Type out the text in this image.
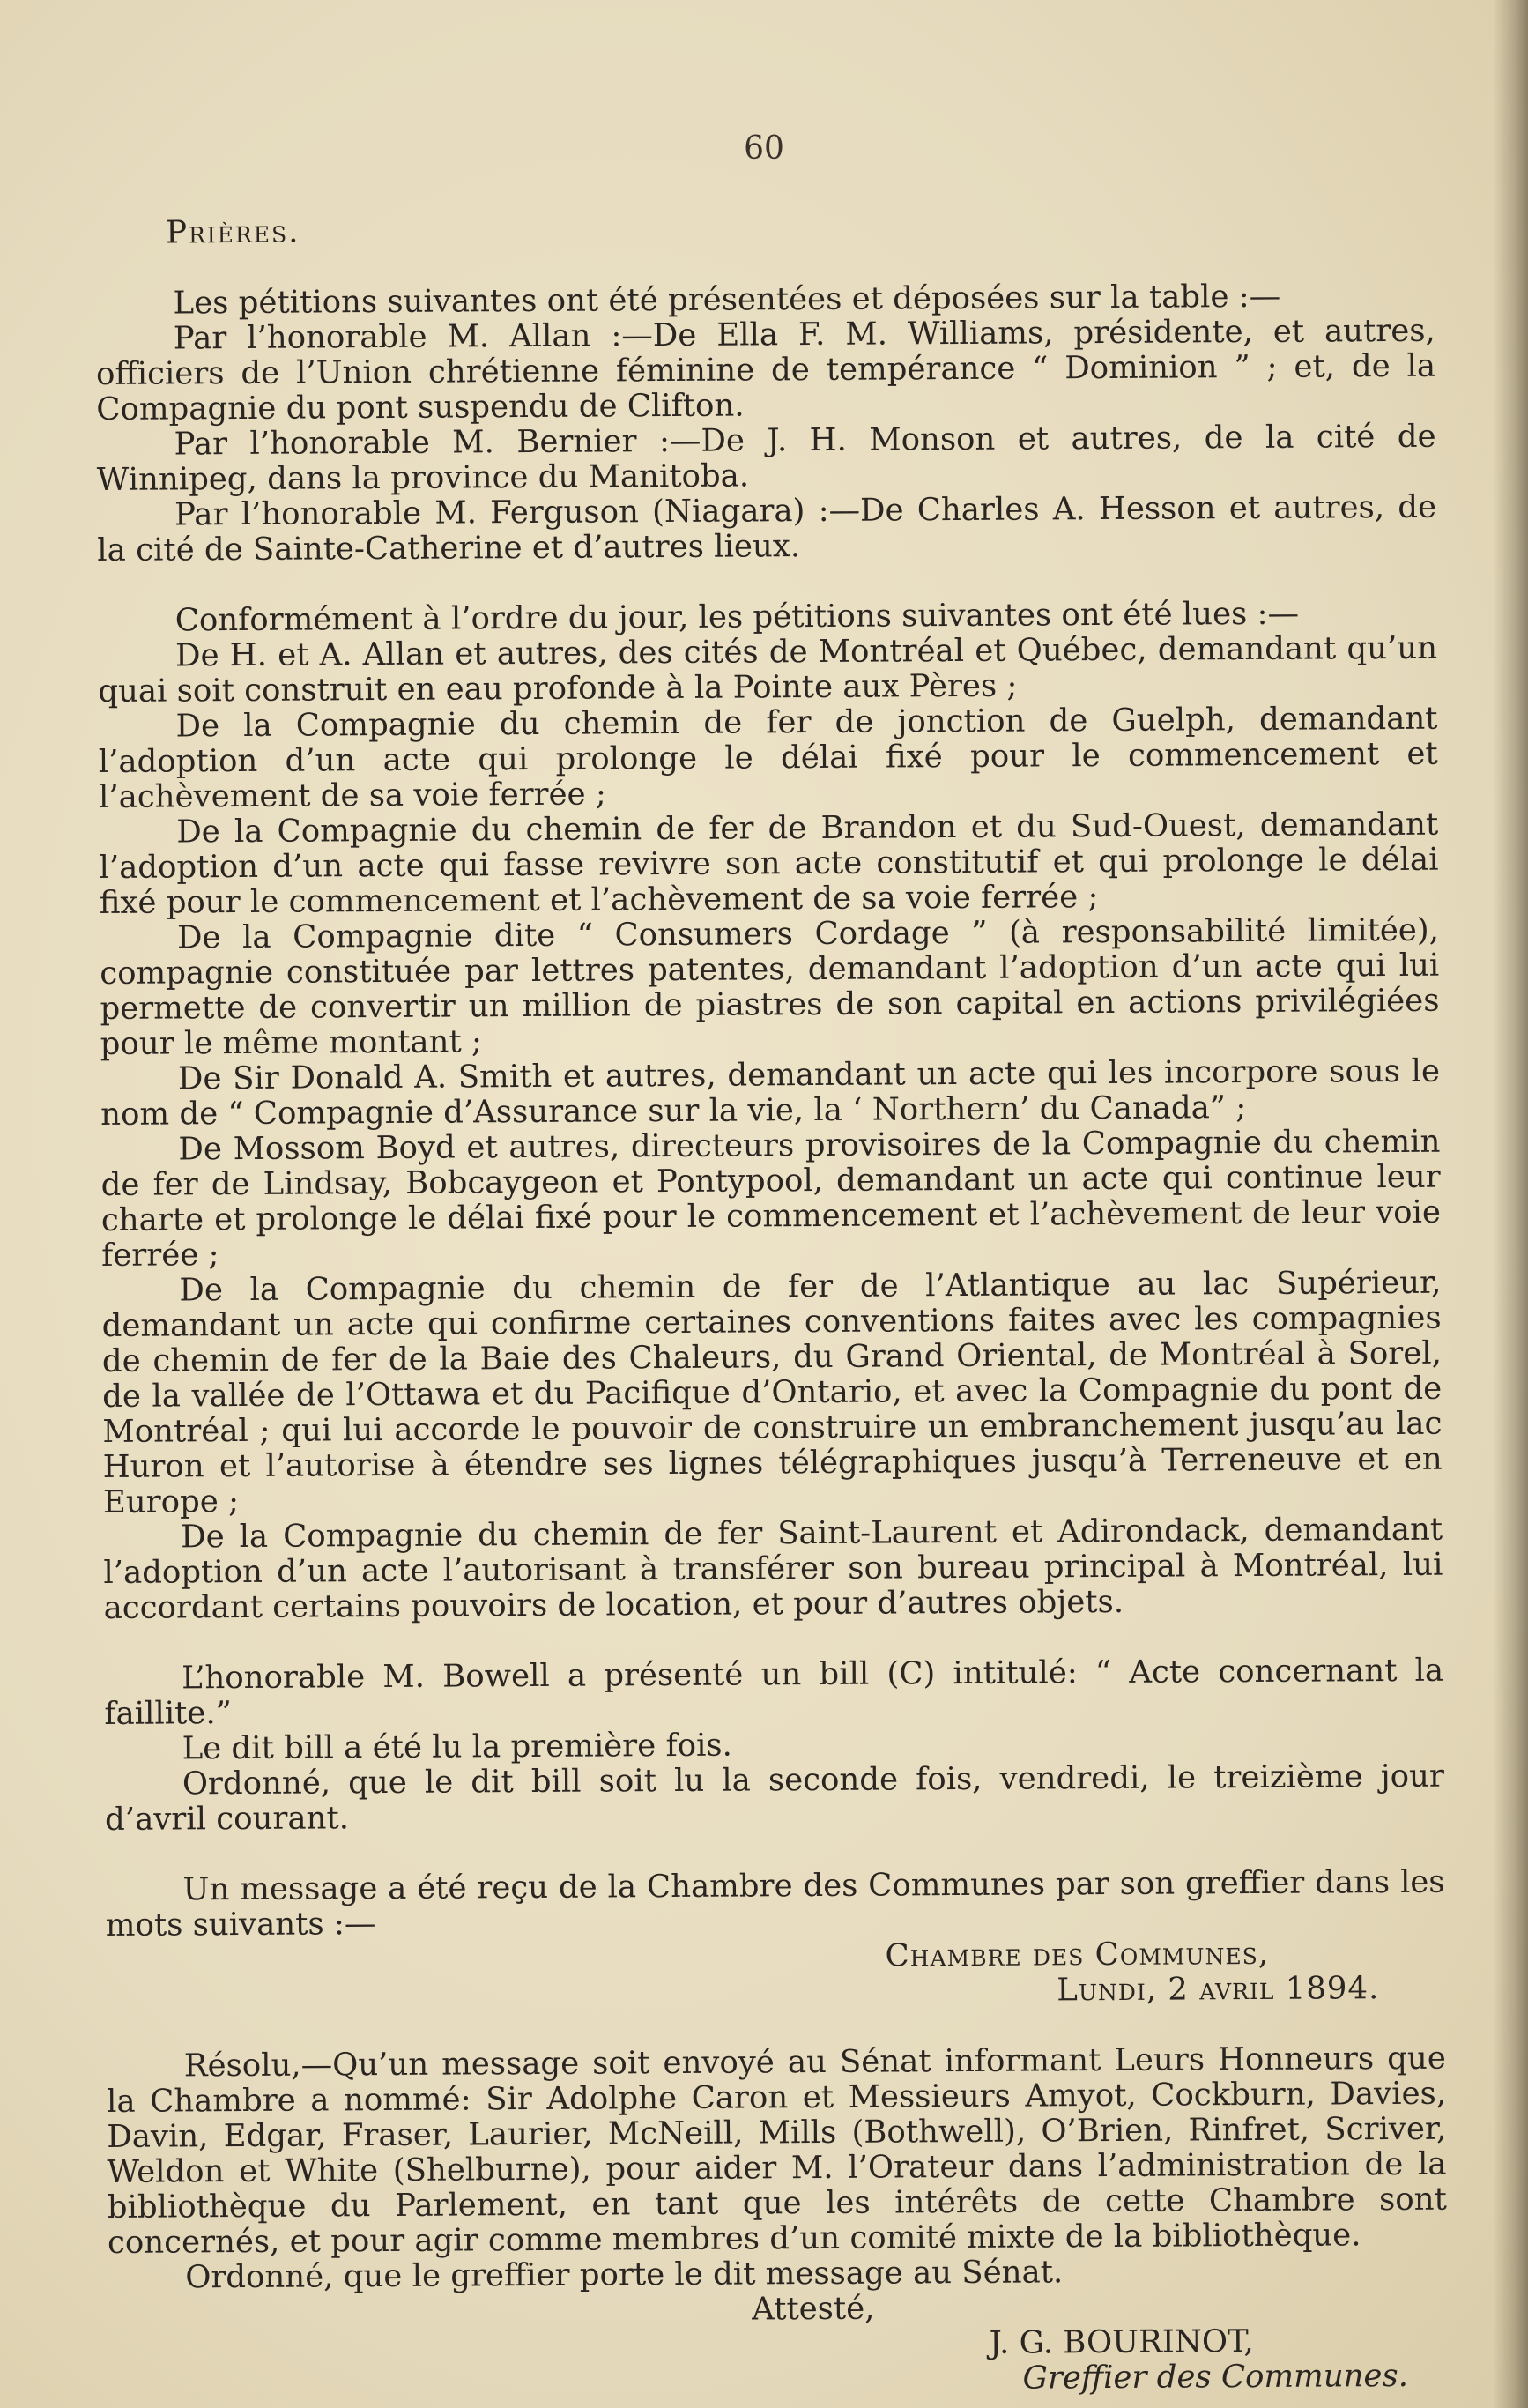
60
Prières.

Les pétitions suivantes ont été présentées et déposées sur la table :—

Par l’honorable M. Allan :—De Ella F. M. Williams, présidente, et autres, officiers de l’Union chrétienne féminine de tempérance “ Dominion ” ; et, de la Compagnie du pont suspendu de Clifton.

Par l’honorable M. Bernier :—De J. H. Monson et autres, de la cité de Winnipeg, dans la province du Manitoba.

Par l’honorable M. Ferguson (Niagara) :—De Charles A. Hesson et autres, de la cité de Sainte-Catherine et d’autres lieux.

Conformément à l’ordre du jour, les pétitions suivantes ont été lues :—

De H. et A. Allan et autres, des cités de Montréal et Québec, demandant qu’un quai soit construit en eau profonde à la Pointe aux Pères ;

De la Compagnie du chemin de fer de jonction de Guelph, demandant l’adoption d’un acte qui prolonge le délai fixé pour le commencement et l’achèvement de sa voie ferrée ;

De la Compagnie du chemin de fer de Brandon et du Sud-Ouest, demandant l’adoption d’un acte qui fasse revivre son acte constitutif et qui prolonge le délai fixé pour le commencement et l’achèvement de sa voie ferrée ;

De la Compagnie dite “ Consumers Cordage ” (à responsabilité limitée), compagnie constituée par lettres patentes, demandant l’adoption d’un acte qui lui permette de convertir un million de piastres de son capital en actions privilégiées pour le même montant ;

De Sir Donald A. Smith et autres, demandant un acte qui les incorpore sous le nom de “ Compagnie d’Assurance sur la vie, la ‘ Northern’ du Canada” ;

De Mossom Boyd et autres, directeurs provisoires de la Compagnie du chemin de fer de Lindsay, Bobcaygeon et Pontypool, demandant un acte qui continue leur charte et prolonge le délai fixé pour le commencement et l’achèvement de leur voie ferrée ;

De la Compagnie du chemin de fer de l’Atlantique au lac Supérieur, demandant un acte qui confirme certaines conventions faites avec les compagnies de chemin de fer de la Baie des Chaleurs, du Grand Oriental, de Montréal à Sorel, de la vallée de l’Ottawa et du Pacifique d’Ontario, et avec la Compagnie du pont de Montréal ; qui lui accorde le pouvoir de construire un embranchement jusqu’au lac Huron et l’autorise à étendre ses lignes télégraphiques jusqu’à Terreneuve et en Europe ;

De la Compagnie du chemin de fer Saint-Laurent et Adirondack, demandant l’adoption d’un acte l’autorisant à transférer son bureau principal à Montréal, lui accordant certains pouvoirs de location, et pour d’autres objets.

L’honorable M. Bowell a présenté un bill (C) intitulé: “ Acte concernant la faillite.”

Le dit bill a été lu la première fois.

Ordonné, que le dit bill soit lu la seconde fois, vendredi, le treizième jour d’avril courant.

Un message a été reçu de la Chambre des Communes par son greffier dans les mots suivants :—

Chambre des Communes,
Lundi, 2 avril 1894.

Résolu,—Qu’un message soit envoyé au Sénat informant Leurs Honneurs que la Chambre a nommé: Sir Adolphe Caron et Messieurs Amyot, Cockburn, Davies, Davin, Edgar, Fraser, Laurier, McNeill, Mills (Bothwell), O’Brien, Rinfret, Scriver, Weldon et White (Shelburne), pour aider M. l’Orateur dans l’administration de la bibliothèque du Parlement, en tant que les intérêts de cette Chambre sont concernés, et pour agir comme membres d’un comité mixte de la bibliothèque.

Ordonné, que le greffier porte le dit message au Sénat.

Attesté,
J. G. BOURINOT,
Greffier des Communes.
